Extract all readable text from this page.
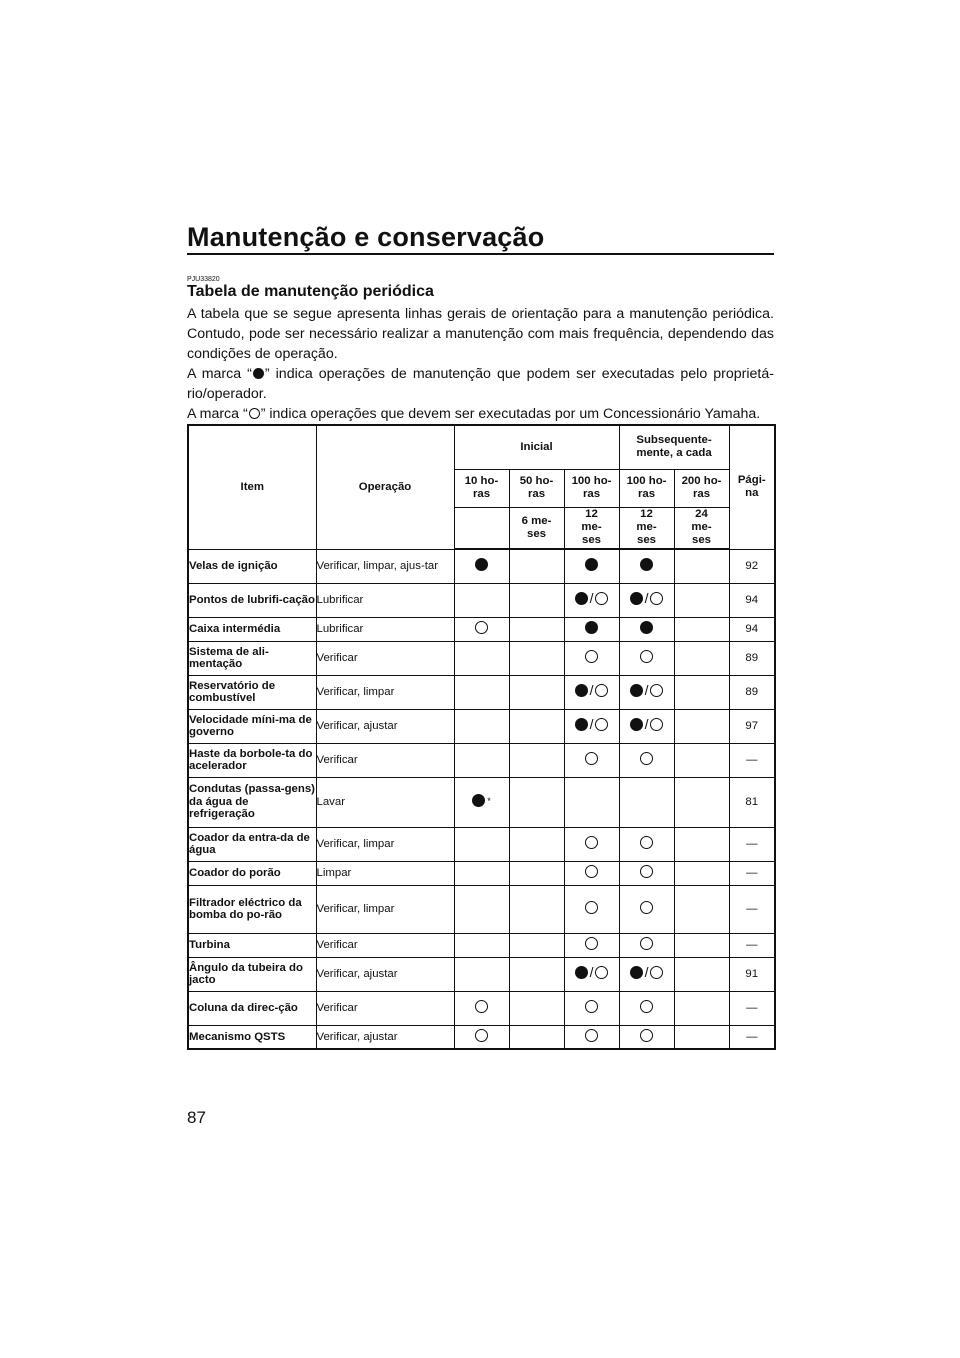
Manutenção e conservação
PJU33820
Tabela de manutenção periódica

A tabela que se segue apresenta linhas gerais de orientação para a manutenção periódica. Contudo, pode ser necessário realizar a manutenção com mais frequência, dependendo das condições de operação.

A marca “ ” indica operações de manutenção que podem ser executadas pelo proprietário/operador.

A marca “ ” indica operações que devem ser executadas por um Concessionário Yamaha.

Item	Operação	Inicial			Subsequente-mente, a cada		Pági-na
		10 ho-ras	50 ho-ras	100 ho-ras	100 ho-ras	200 ho-ras	
			6 me-ses	12 me-ses	12 me-ses	24 me-ses	
Velas de ignição	Verificar, limpar, ajus-tar						92
Pontos de lubrifi-cação	Lubrificar			/	/		94
Caixa intermédia	Lubrificar						94
Sistema de ali-mentação	Verificar						89
Reservatório de combustível	Verificar, limpar			/	/		89
Velocidade míni-ma de governo	Verificar, ajustar			/	/		97
Haste da borbole-ta do acelerador	Verificar						—
Condutas (passa-gens) da água de refrigeração	Lavar	*					81
Coador da entra-da de água	Verificar, limpar						—
Coador do porão	Limpar						—
Filtrador eléctrico da bomba do po-rão	Verificar, limpar						—
Turbina	Verificar						—
Ângulo da tubeira do jacto	Verificar, ajustar			/	/		91
Coluna da direc-ção	Verificar						—
Mecanismo QSTS	Verificar, ajustar						—
87
